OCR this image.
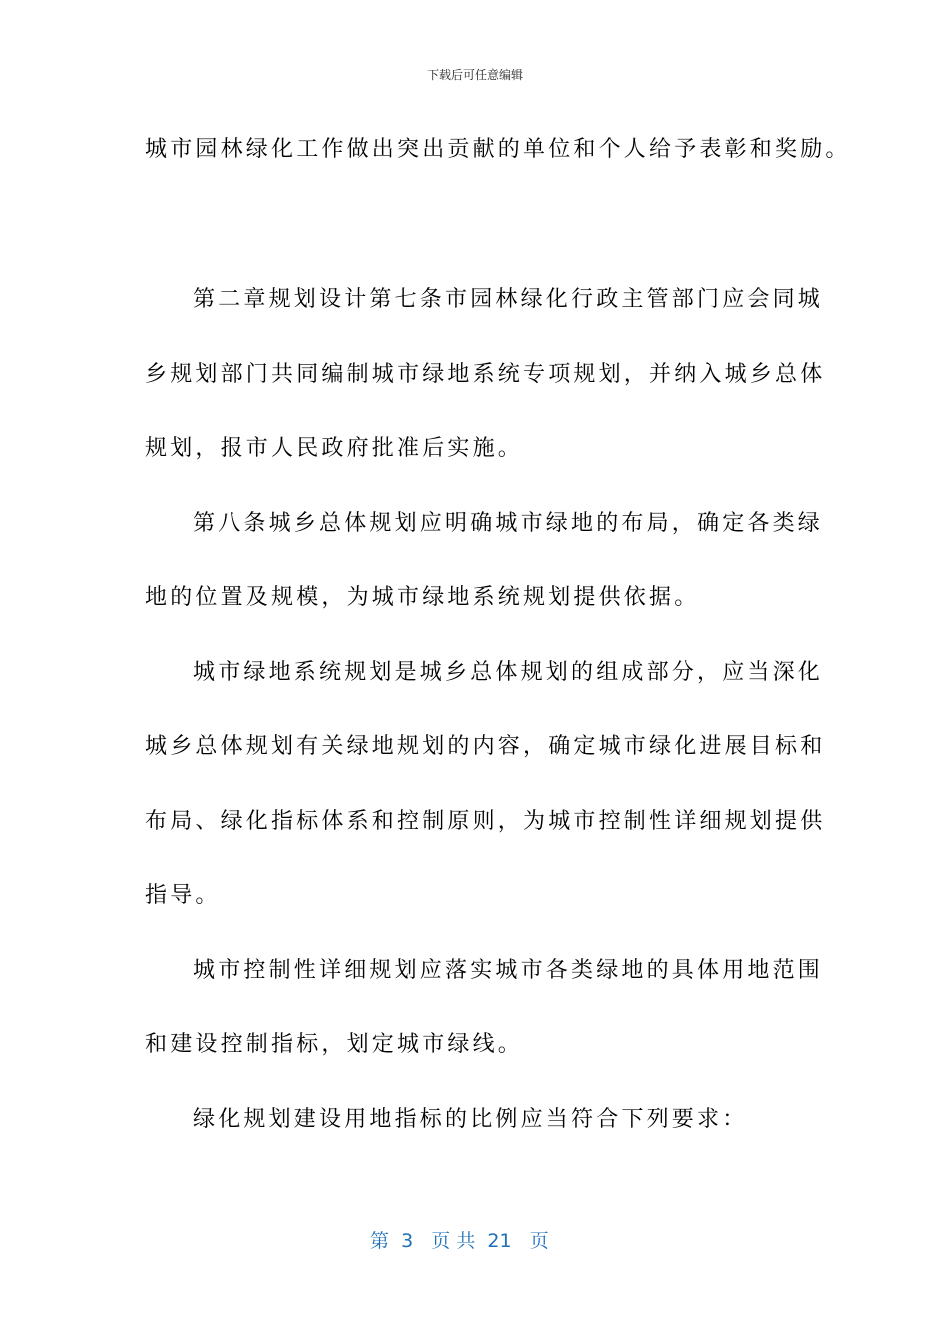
下载后可任意编辑
城市园林绿化工作做出突出贡献的单位和个人给予表彰和奖励。
第二章规划设计第七条市园林绿化行政主管部门应会同城
乡规划部门共同编制城市绿地系统专项规划，并纳入城乡总体
规划，报市人民政府批准后实施。
第八条城乡总体规划应明确城市绿地的布局，确定各类绿
地的位置及规模，为城市绿地系统规划提供依据。
城市绿地系统规划是城乡总体规划的组成部分，应当深化
城乡总体规划有关绿地规划的内容，确定城市绿化进展目标和
布局、绿化指标体系和控制原则，为城市控制性详细规划提供
指导。
城市控制性详细规划应落实城市各类绿地的具体用地范围
和建设控制指标，划定城市绿线。
绿化规划建设用地指标的比例应当符合下列要求：
第  3   页 共  21   页
